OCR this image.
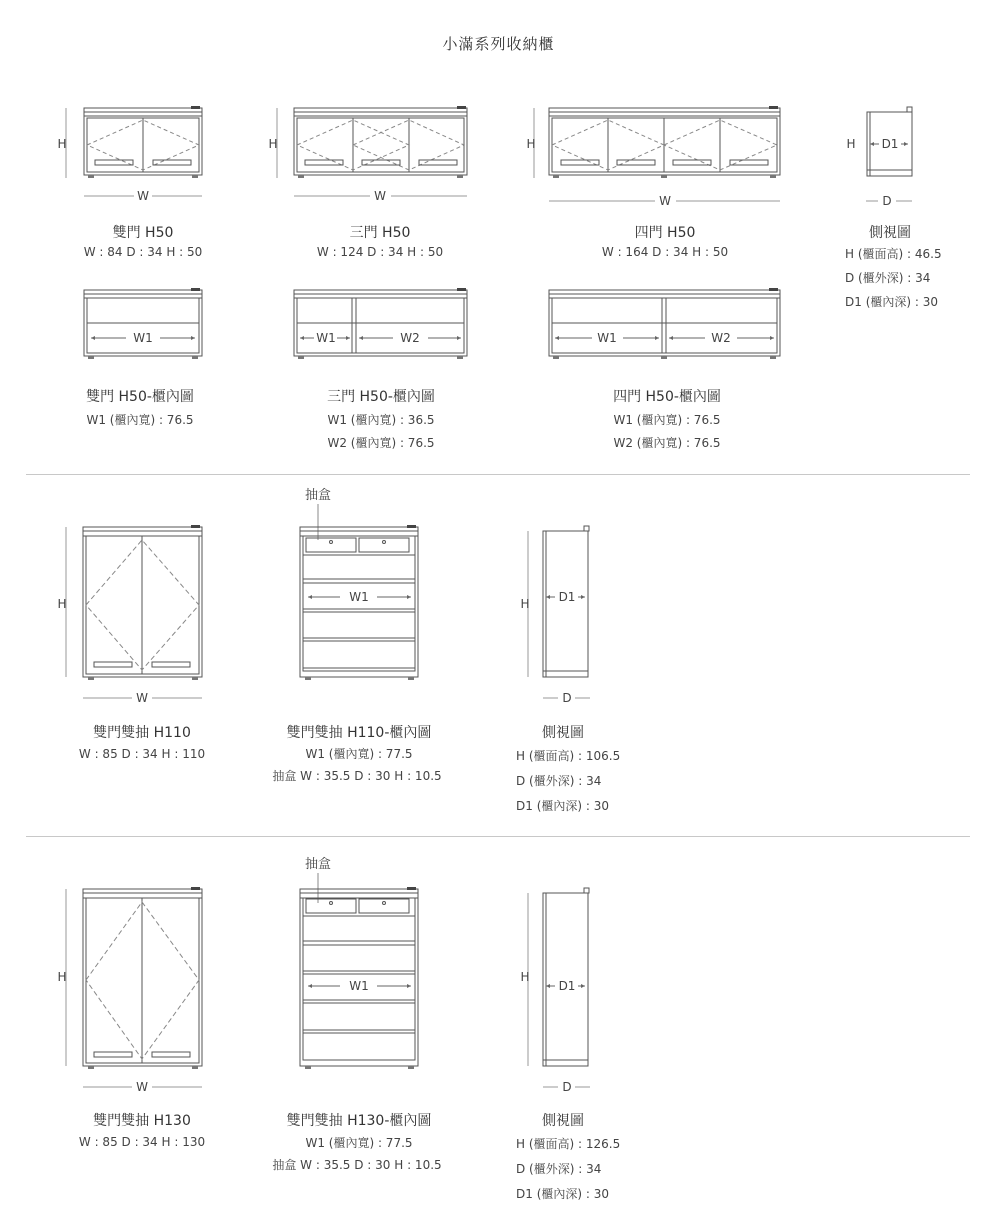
小滿系列收納櫃
H
W
H
W
H
W
H D1
D
W1	W1	W2	W1	W2
H
W
W1	H D1
D
H
W
W1
H
D1
D
抽盒
抽盒
雙門 H50
W : 84 D : 34 H : 50
三門 H50
W : 124 D : 34 H : 50
四門 H50
W : 164 D : 34 H : 50
側視圖
H (櫃面高) : 46.5
D (櫃外深) : 34
D1 (櫃內深) : 30
雙門 H50-櫃內圖
W1 (櫃內寬) : 76.5
三門 H50-櫃內圖
W1 (櫃內寬) : 36.5
W2 (櫃內寬) : 76.5
四門 H50-櫃內圖
W1 (櫃內寬) : 76.5
W2 (櫃內寬) : 76.5
雙門雙抽 H110
W : 85 D : 34 H : 110
雙門雙抽 H110-櫃內圖
W1 (櫃內寬) : 77.5
抽盒 W : 35.5 D : 30 H : 10.5
側視圖
H (櫃面高) : 106.5
D (櫃外深) : 34
D1 (櫃內深) : 30
雙門雙抽 H130
W : 85 D : 34 H : 130
雙門雙抽 H130-櫃內圖
W1 (櫃內寬) : 77.5
抽盒 W : 35.5 D : 30 H : 10.5
側視圖
H (櫃面高) : 126.5
D (櫃外深) : 34
D1 (櫃內深) : 30
